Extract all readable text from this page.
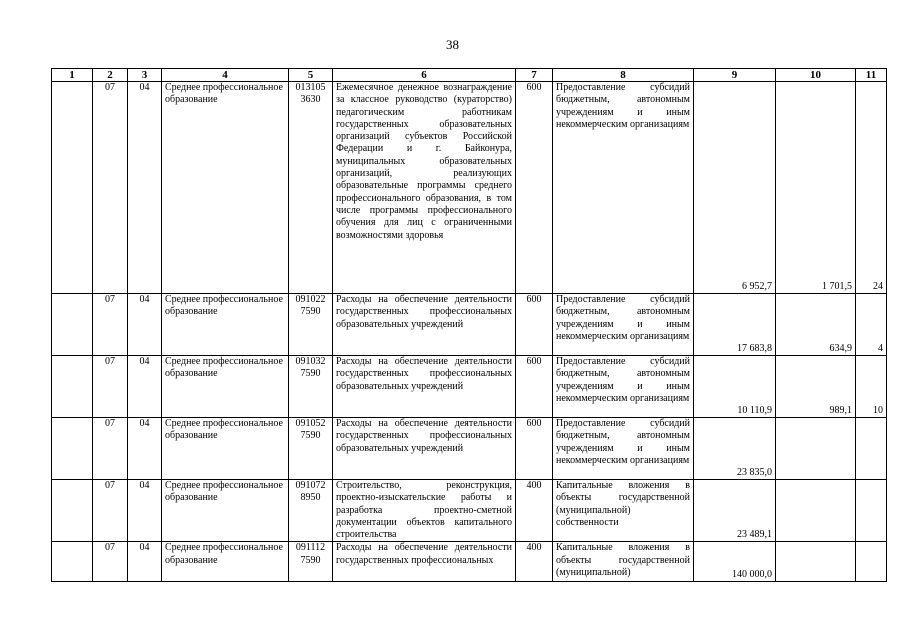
38
1	2	3	4	5	6	7	8	9	10	11
	07	04	Среднее профессиональное образование	013105
3630	Ежемесячное денежное вознаграждение за классное руководство (кураторство) педагогическим работникам государственных образовательных организаций субъектов Российской Федерации и г. Байконура, муниципальных образовательных организаций, реализующих образовательные программы среднего профессионального образования, в том числе программы профессионального обучения для лиц с ограниченными возможностями здоровья	600	Предоставление субсидий бюджетным, автономным учреждениям и иным некоммерческим организациям	6 952,7	1 701,5	24
	07	04	Среднее профессиональное образование	091022
7590	Расходы на обеспечение деятельности государственных профессиональных образовательных учреждений	600	Предоставление субсидий бюджетным, автономным учреждениям и иным некоммерческим организациям	17 683,8	634,9	4
	07	04	Среднее профессиональное образование	091032
7590	Расходы на обеспечение деятельности государственных профессиональных образовательных учреждений	600	Предоставление субсидий бюджетным, автономным учреждениям и иным некоммерческим организациям	10 110,9	989,1	10
	07	04	Среднее профессиональное образование	091052
7590	Расходы на обеспечение деятельности государственных профессиональных образовательных учреждений	600	Предоставление субсидий бюджетным, автономным учреждениям и иным некоммерческим организациям	23 835,0		
	07	04	Среднее профессиональное образование	091072
8950	Строительство, реконструкция, проектно-изыскательские работы и разработка проектно-сметной документации объектов капитального строительства	400	Капитальные вложения в объекты государственной (муниципальной) собственности	23 489,1		
	07	04	Среднее профессиональное образование	091112
7590	Расходы на обеспечение деятельности государственных профессиональных	400	Капитальные вложения в объекты государственной (муниципальной)	140 000,0		
